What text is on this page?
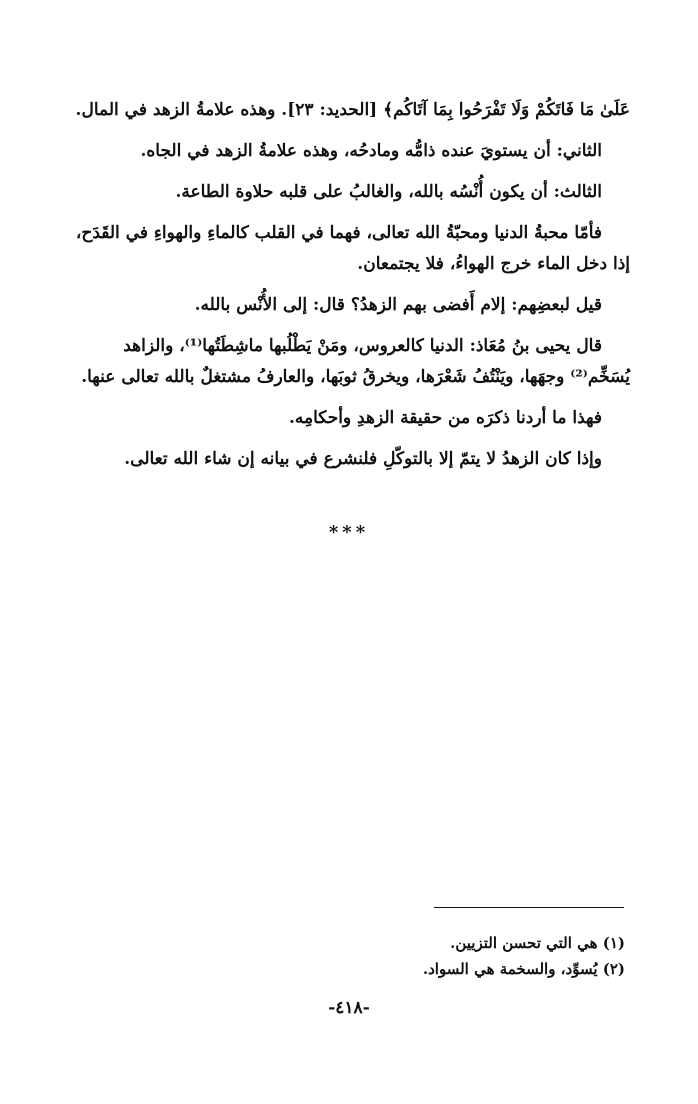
عَلَىٰ مَا فَاتَكُمْ وَلَا تَفْرَحُوا بِمَا آتَاكُم﴾ [الحديد: ٢٣]. وهذه علامةُ الزهد في المال.

الثاني: أن يستويَ عنده ذامُّه ومادحُه، وهذه علامةُ الزهد في الجاه.

الثالث: أن يكون أُنْسُه بالله، والغالبُ على قلبه حلاوة الطاعة.

فأمّا محبةُ الدنيا ومحبّةُ الله تعالى، فهما في القلب كالماءِ والهواءِ في القَدَح، إذا دخل الماء خرج الهواءُ، فلا يجتمعان.

قيل لبعضِهم: إلام أَفضى بهم الزهدُ؟ قال: إلى الأُنْس بالله.

قال يحيى بنُ مُعَاذ: الدنيا كالعروس، ومَنْ يَطْلُبها ماشِطَتُها⁽¹⁾، والزاهد يُسَخِّم⁽²⁾ وجهَها، ويَنْتُفُ شَعْرَها، ويخرقُ ثوبَها، والعارفُ مشتغلٌ بالله تعالى عنها.

فهذا ما أردنا ذكرَه من حقيقة الزهدِ وأحكامِه.

وإذا كان الزهدُ لا يتمّ إلا بالتوكّلِ فلنشرع في بيانه إن شاء الله تعالى.

***

(١) هي التي تحسن التزيين.

(٢) يُسوِّد، والسخمة هي السواد.

-٤١٨-
